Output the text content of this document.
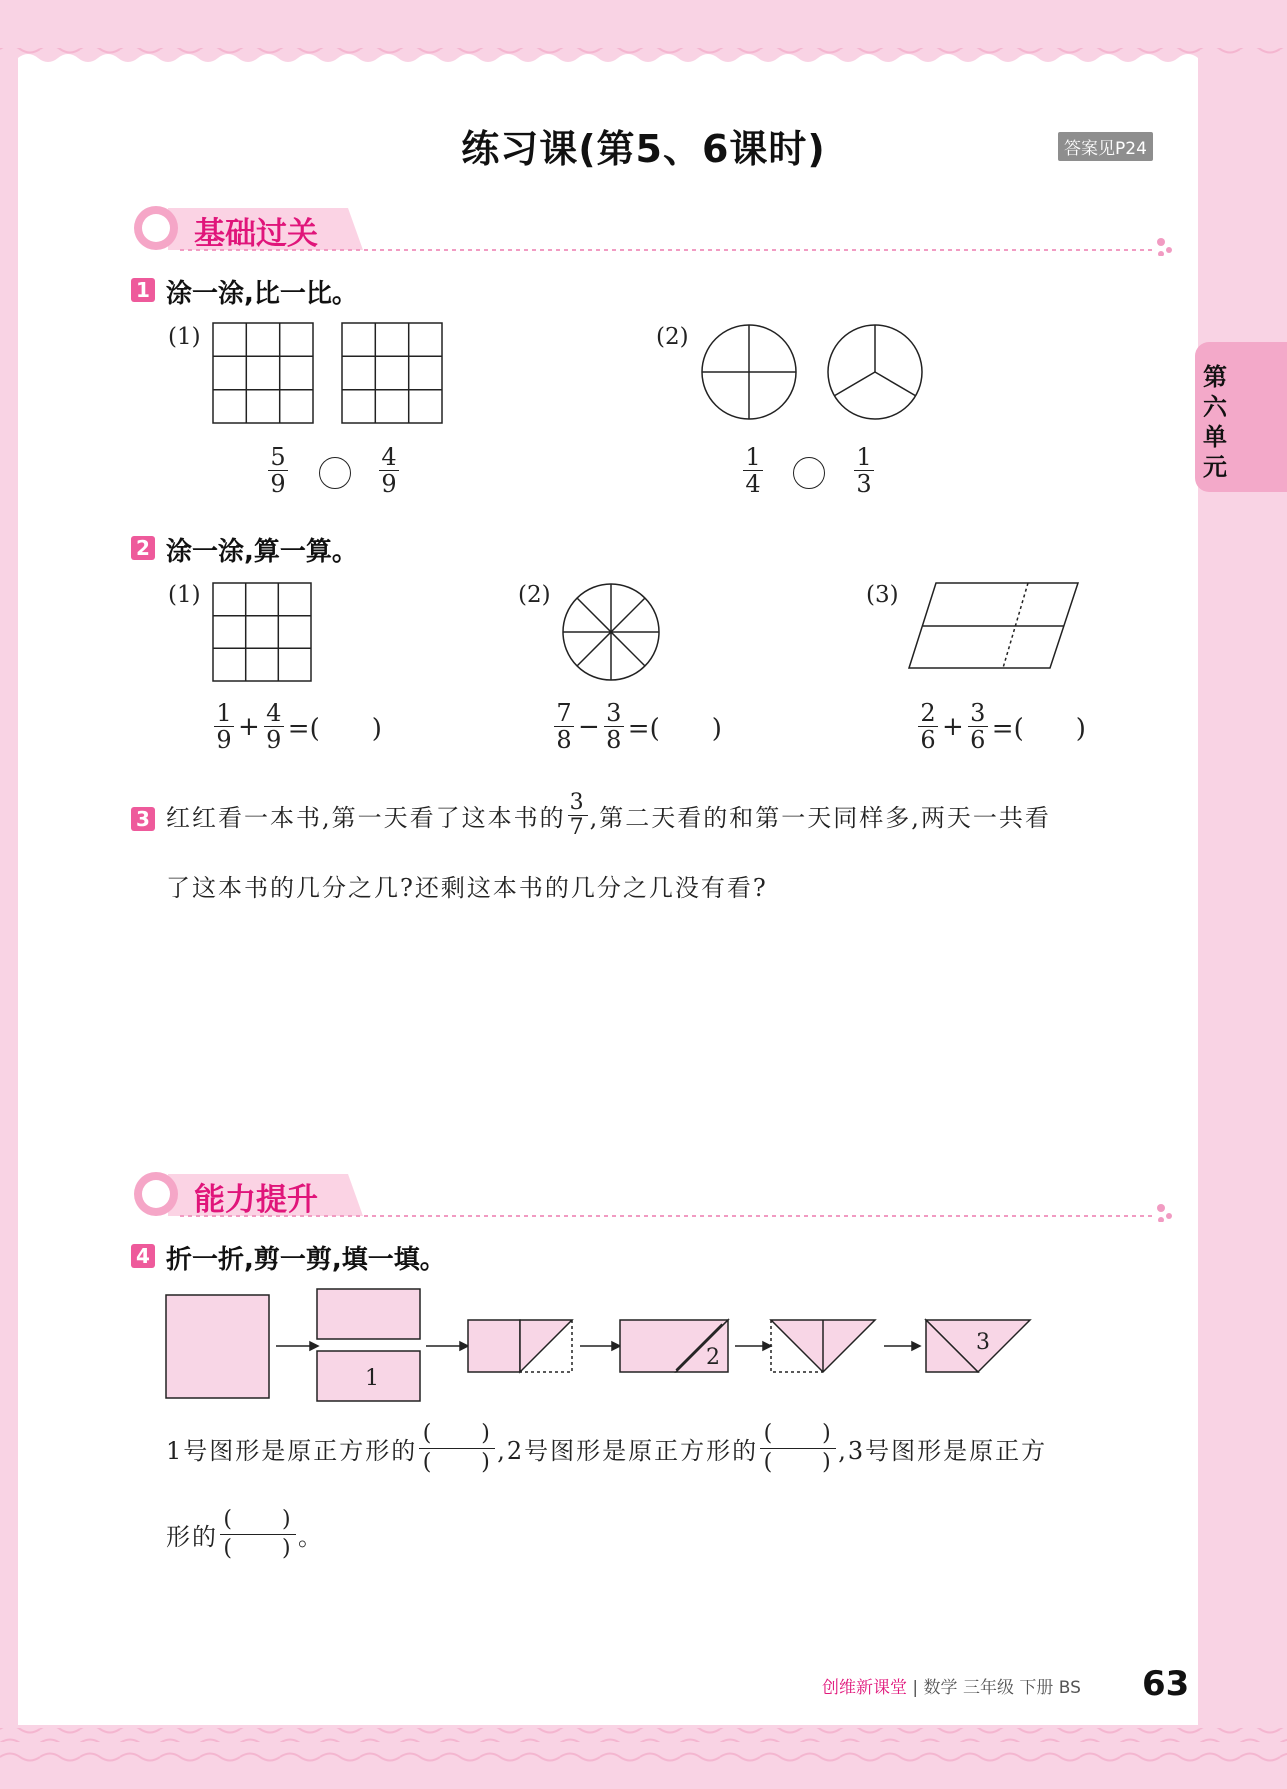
练习课(第5、6课时)	答案见P24
第六单元
基础过关
1 涂一涂,比一比。
(1)	(2)
5
9
4
9
1
4
1
3
2 涂一涂,算一算。
(1)	(2)	(3)
$\frac{1}{9} + \frac{4}{9}$ =(　　)	$\frac{7}{8} - \frac{3}{8}$ =(　　)	$\frac{2}{6} + \frac{3}{6}$ =(　　)
3 红红看一本书,第一天看了这本书的 $\frac{3}{7}$ ,第二天看的和第一天同样多,两天一共看
了这本书的几分之几?还剩这本书的几分之几没有看?
能力提升
4 折一折,剪一剪,填一填。
1
2
3
1号图形是原正方形的 $\frac{( )}{( )} ,2$号图形是原正方形的 $\frac{( )}{( )} ,3$号图形是原正方
形的 $\frac{( )}{( )}$ 。
创维新课堂 | 数学 三年级 下册 BS 63
